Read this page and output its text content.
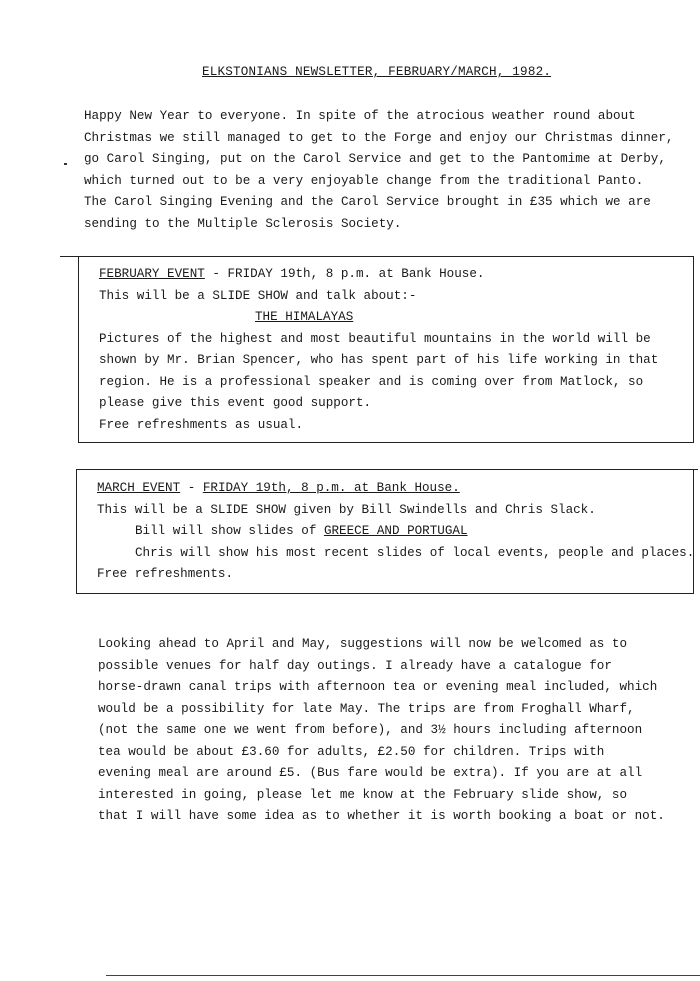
ELKSTONIANS NEWSLETTER, FEBRUARY/MARCH, 1982.
Happy New Year to everyone. In spite of the atrocious weather round about
Christmas we still managed to get to the Forge and enjoy our Christmas dinner,
go Carol Singing, put on the Carol Service and get to the Pantomime at Derby,
which turned out to be a very enjoyable change from the traditional Panto.
The Carol Singing Evening and the Carol Service brought in £35 which we are
sending to the Multiple Sclerosis Society.
FEBRUARY EVENT - FRIDAY 19th, 8 p.m. at Bank House.
This will be a SLIDE SHOW and talk about:-
THE HIMALAYAS
Pictures of the highest and most beautiful mountains in the world will be
shown by Mr. Brian Spencer, who has spent part of his life working in that
region. He is a professional speaker and is coming over from Matlock, so
please give this event good support.
Free refreshments as usual.
MARCH EVENT - FRIDAY 19th, 8 p.m. at Bank House.
This will be a SLIDE SHOW given by Bill Swindells and Chris Slack.
Bill will show slides of GREECE AND PORTUGAL
Chris will show his most recent slides of local events, people and places.
Free refreshments.
Looking ahead to April and May, suggestions will now be welcomed as to
possible venues for half day outings. I already have a catalogue for
horse-drawn canal trips with afternoon tea or evening meal included, which
would be a possibility for late May. The trips are from Froghall Wharf,
(not the same one we went from before), and 3½ hours including afternoon
tea would be about £3.60 for adults, £2.50 for children. Trips with
evening meal are around £5. (Bus fare would be extra). If you are at all
interested in going, please let me know at the February slide show, so
that I will have some idea as to whether it is worth booking a boat or not.
